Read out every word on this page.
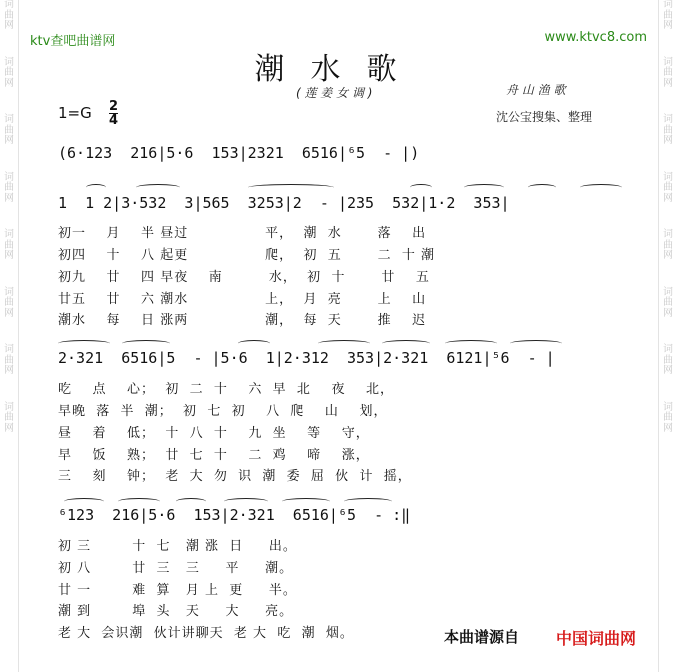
词
曲
网
词
曲
网
词
曲
网
词
曲
网
词
曲
网
词
曲
网
词
曲
网
词
曲
网
词
曲
网
词
曲
网
词
曲
网
词
曲
网
词
曲
网
词
曲
网
词
曲
网
词
曲
网
ktv查吧曲谱网	www.ktvc8.com
潮水歌
( 莲 姜 女 调 )	舟 山 渔 歌
1=G 2
4	沈公宝搜集、整理
(6·123  216|5·6  153|2321  6516|⁶5  - |)
1  1 2|3·532  3|565  3253|2  - |235  532|1·2  353|
初一    月    半 昼过               平，  潮  水       落    出
初四    十    八 起更               爬，  初  五       二  十 潮
初九    廿    四 早夜    南         水，  初  十       廿    五
廿五    廿    六 潮水               上，  月  亮       上    山
潮水    每    日 涨两               潮，  每  天       推    迟
2·321  6516|5  - |5·6  1|2·312  353|2·321  6121|⁵6  - |
吃    点    心；  初  二  十    六  早  北    夜    北，
早晚  落  半  潮；  初  七  初    八  爬    山    划，
昼    着    低；  十  八  十    九  坐    等    守，
早    饭    熟；  廿  七  十    二  鸡    啼    涨，
三    刻    钟；  老  大  勿  识  潮  委  屈  伙  计  摇，
⁶123  216|5·6  153|2·321  6516|⁶5  - :‖
初 三        十  七   潮 涨  日     出。
初 八        廿  三   三     平     潮。
廿 一        难  算   月 上  更     半。
潮 到        埠  头   天     大     亮。
老 大  会识潮  伙计讲聊天  老 大  吃  潮  烟。	本曲谱源自 中国词曲网
